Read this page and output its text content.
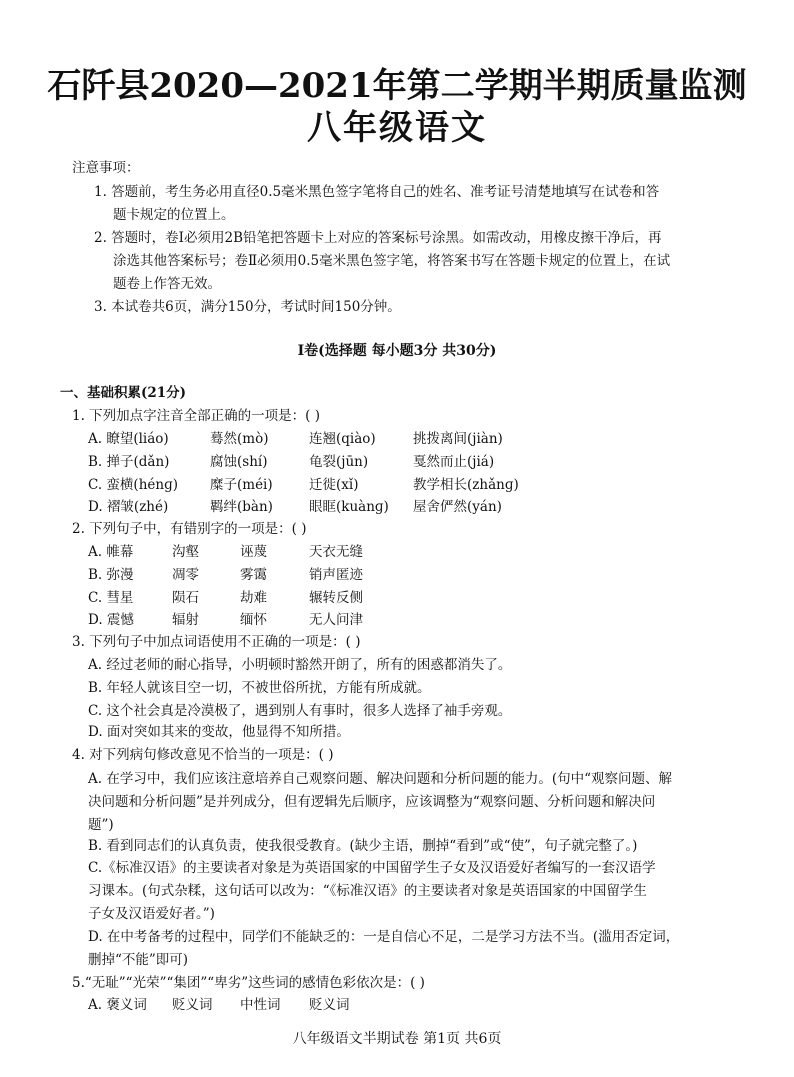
石阡县2020—2021年第二学期半期质量监测
八年级语文
注意事项：
1. 答题前，考生务必用直径0.5毫米黑色签字笔将自己的姓名、准考证号清楚地填写在试卷和答
题卡规定的位置上。
2. 答题时，卷Ⅰ必须用2B铅笔把答题卡上对应的答案标号涂黑。如需改动，用橡皮擦干净后，再
涂选其他答案标号；卷Ⅱ必须用0.5毫米黑色签字笔，将答案书写在答题卡规定的位置上，在试
题卷上作答无效。
3. 本试卷共6页，满分150分，考试时间150分钟。
Ⅰ卷(选择题 每小题3分 共30分)
一、基础积累(21分)
1. 下列加点字注音全部正确的一项是：( )
A. 瞭望(liáo)	蓦然(mò)	连翘(qiào)	挑拨离间(jiàn)
B. 掸子(dǎn)	腐蚀(shí)	龟裂(jūn)	戛然而止(jiá)
C. 蛮横(hénɡ) 糜子(méi)	迁徙(xǐ)	教学相长(zhǎnɡ)
D. 褶皱(zhé)	羁绊(bàn)	眼眶(kuànɡ) 屋舍俨然(yán)
2. 下列句子中，有错别字的一项是：( )
A. 帷幕	沟壑	诬蔑	天衣无缝
B. 弥漫	凋零	雾霭	销声匿迹
C. 彗星	陨石	劫难	辗转反侧
D. 震憾	辐射	缅怀	无人问津
3. 下列句子中加点词语使用不正确的一项是：( )
A. 经过老师的耐心指导，小明顿时豁然开朗了，所有的困惑都消失了。
B. 年轻人就该目空一切，不被世俗所扰，方能有所成就。
C. 这个社会真是冷漠极了，遇到别人有事时，很多人选择了袖手旁观。
D. 面对突如其来的变故，他显得不知所措。
4. 对下列病句修改意见不恰当的一项是：( )
A. 在学习中，我们应该注意培养自己观察问题、解决问题和分析问题的能力。(句中“观察问题、解
决问题和分析问题”是并列成分，但有逻辑先后顺序，应该调整为“观察问题、分析问题和解决问
题”)
B. 看到同志们的认真负责，使我很受教育。(缺少主语，删掉“看到”或“使”，句子就完整了。)
C.《标准汉语》的主要读者对象是为英语国家的中国留学生子女及汉语爱好者编写的一套汉语学
习课本。(句式杂糅，这句话可以改为：“《标准汉语》的主要读者对象是英语国家的中国留学生
子女及汉语爱好者。”)
D. 在中考备考的过程中，同学们不能缺乏的：一是自信心不足，二是学习方法不当。(滥用否定词，
删掉“不能”即可)
5.“无耻”“光荣”“集团”“卑劣”这些词的感情色彩依次是：( )
A. 褒义词 贬义词 中性词 贬义词
八年级语文半期试卷 第1页 共6页
